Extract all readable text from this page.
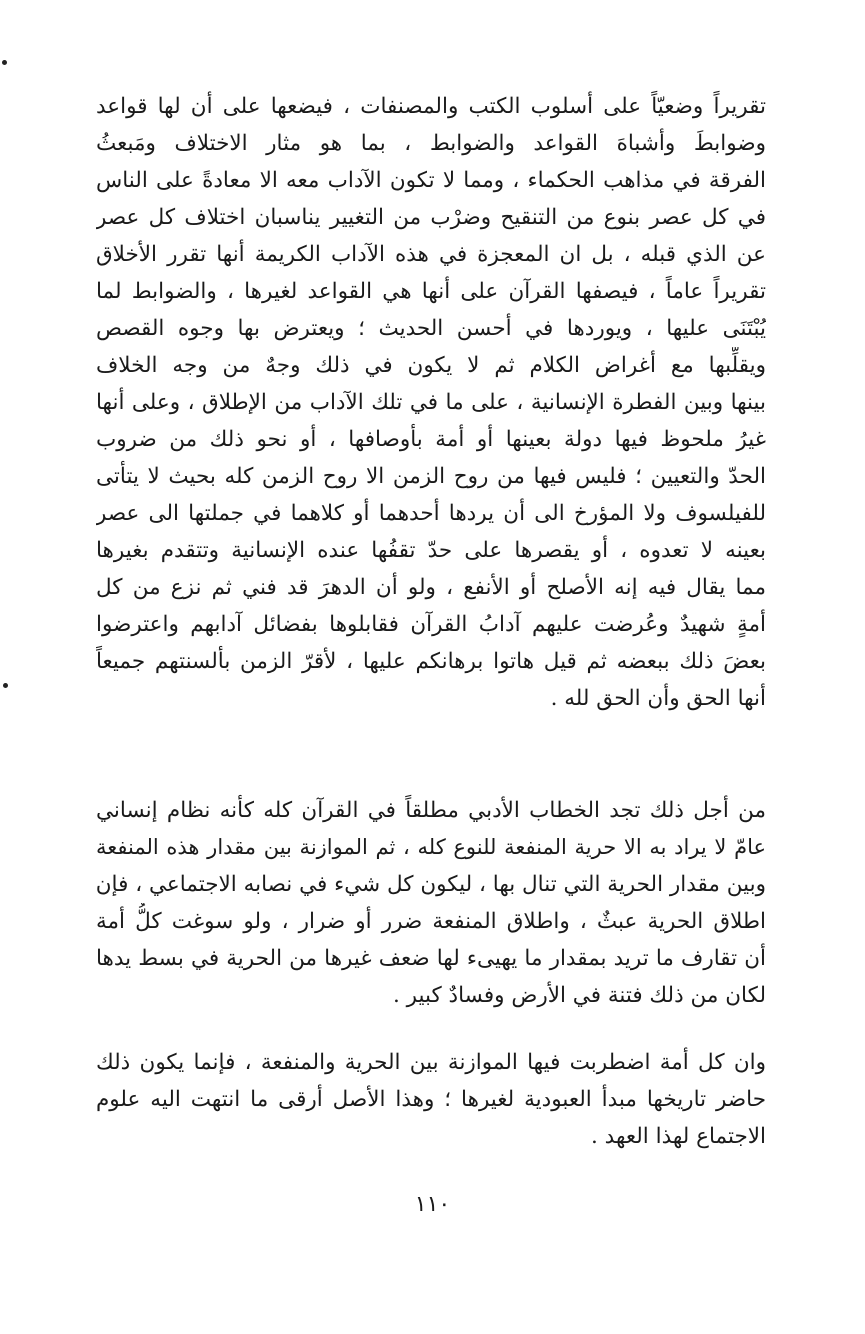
تقريراً وضعيّاً على أسلوب الكتب والمصنفات ، فيضعها على أن لها قواعد
وضوابطَ وأشباهَ القواعد والضوابط ، بما هو مثار الاختلاف ومَبعثُ
الفرقة في مذاهب الحكماء ، ومما لا تكون الآداب معه الا معادةً على الناس
في كل عصر بنوع من التنقيح وضرْب من التغيير يناسبان اختلاف كل عصر
عن الذي قبله ، بل ان المعجزة في هذه الآداب الكريمة أنها تقرر الأخلاق
تقريراً عاماً ، فيصفها القرآن على أنها هي القواعد لغيرها ، والضوابط لما
يُبْتَنَى عليها ، ويوردها في أحسن الحديث ؛ ويعترض بها وجوه القصص
ويقلِّبها مع أغراض الكلام ثم لا يكون في ذلك وجهٌ من وجه الخلاف
بينها وبين الفطرة الإنسانية ، على ما في تلك الآداب من الإطلاق ، وعلى أنها
غيرُ ملحوظ فيها دولة بعينها أو أمة بأوصافها ، أو نحو ذلك من ضروب
الحدّ والتعيين ؛ فليس فيها من روح الزمن الا روح الزمن كله بحيث لا يتأتى
للفيلسوف ولا المؤرخ الى أن يردها أحدهما أو كلاهما في جملتها الى عصر
بعينه لا تعدوه ، أو يقصرها على حدّ تقفُها عنده الإنسانية وتتقدم بغيرها
مما يقال فيه إنه الأصلح أو الأنفع ، ولو أن الدهرَ قد فني ثم نزع من كل
أمةٍ شهيدٌ وعُرضت عليهم آدابُ القرآن فقابلوها بفضائل آدابهم واعترضوا
بعضَ ذلك ببعضه ثم قيل هاتوا برهانكم عليها ، لأقرّ الزمن بألسنتهم جميعاً
أنها الحق وأن الحق لله .
من أجل ذلك تجد الخطاب الأدبي مطلقاً في القرآن كله كأنه نظام إنساني
عامّ لا يراد به الا حرية المنفعة للنوع كله ، ثم الموازنة بين مقدار هذه المنفعة
وبين مقدار الحرية التي تنال بها ، ليكون كل شيء في نصابه الاجتماعي ، فإن
اطلاق الحرية عبثٌ ، واطلاق المنفعة ضرر أو ضرار ، ولو سوغت كلُّ أمة
أن تقارف ما تريد بمقدار ما يهيىء لها ضعف غيرها من الحرية في بسط يدها
لكان من ذلك فتنة في الأرض وفسادٌ كبير .
وان كل أمة اضطربت فيها الموازنة بين الحرية والمنفعة ، فإنما يكون ذلك
حاضر تاريخها مبدأ العبودية لغيرها ؛ وهذا الأصل أرقى ما انتهت اليه علوم
الاجتماع لهذا العهد .
١١٠
